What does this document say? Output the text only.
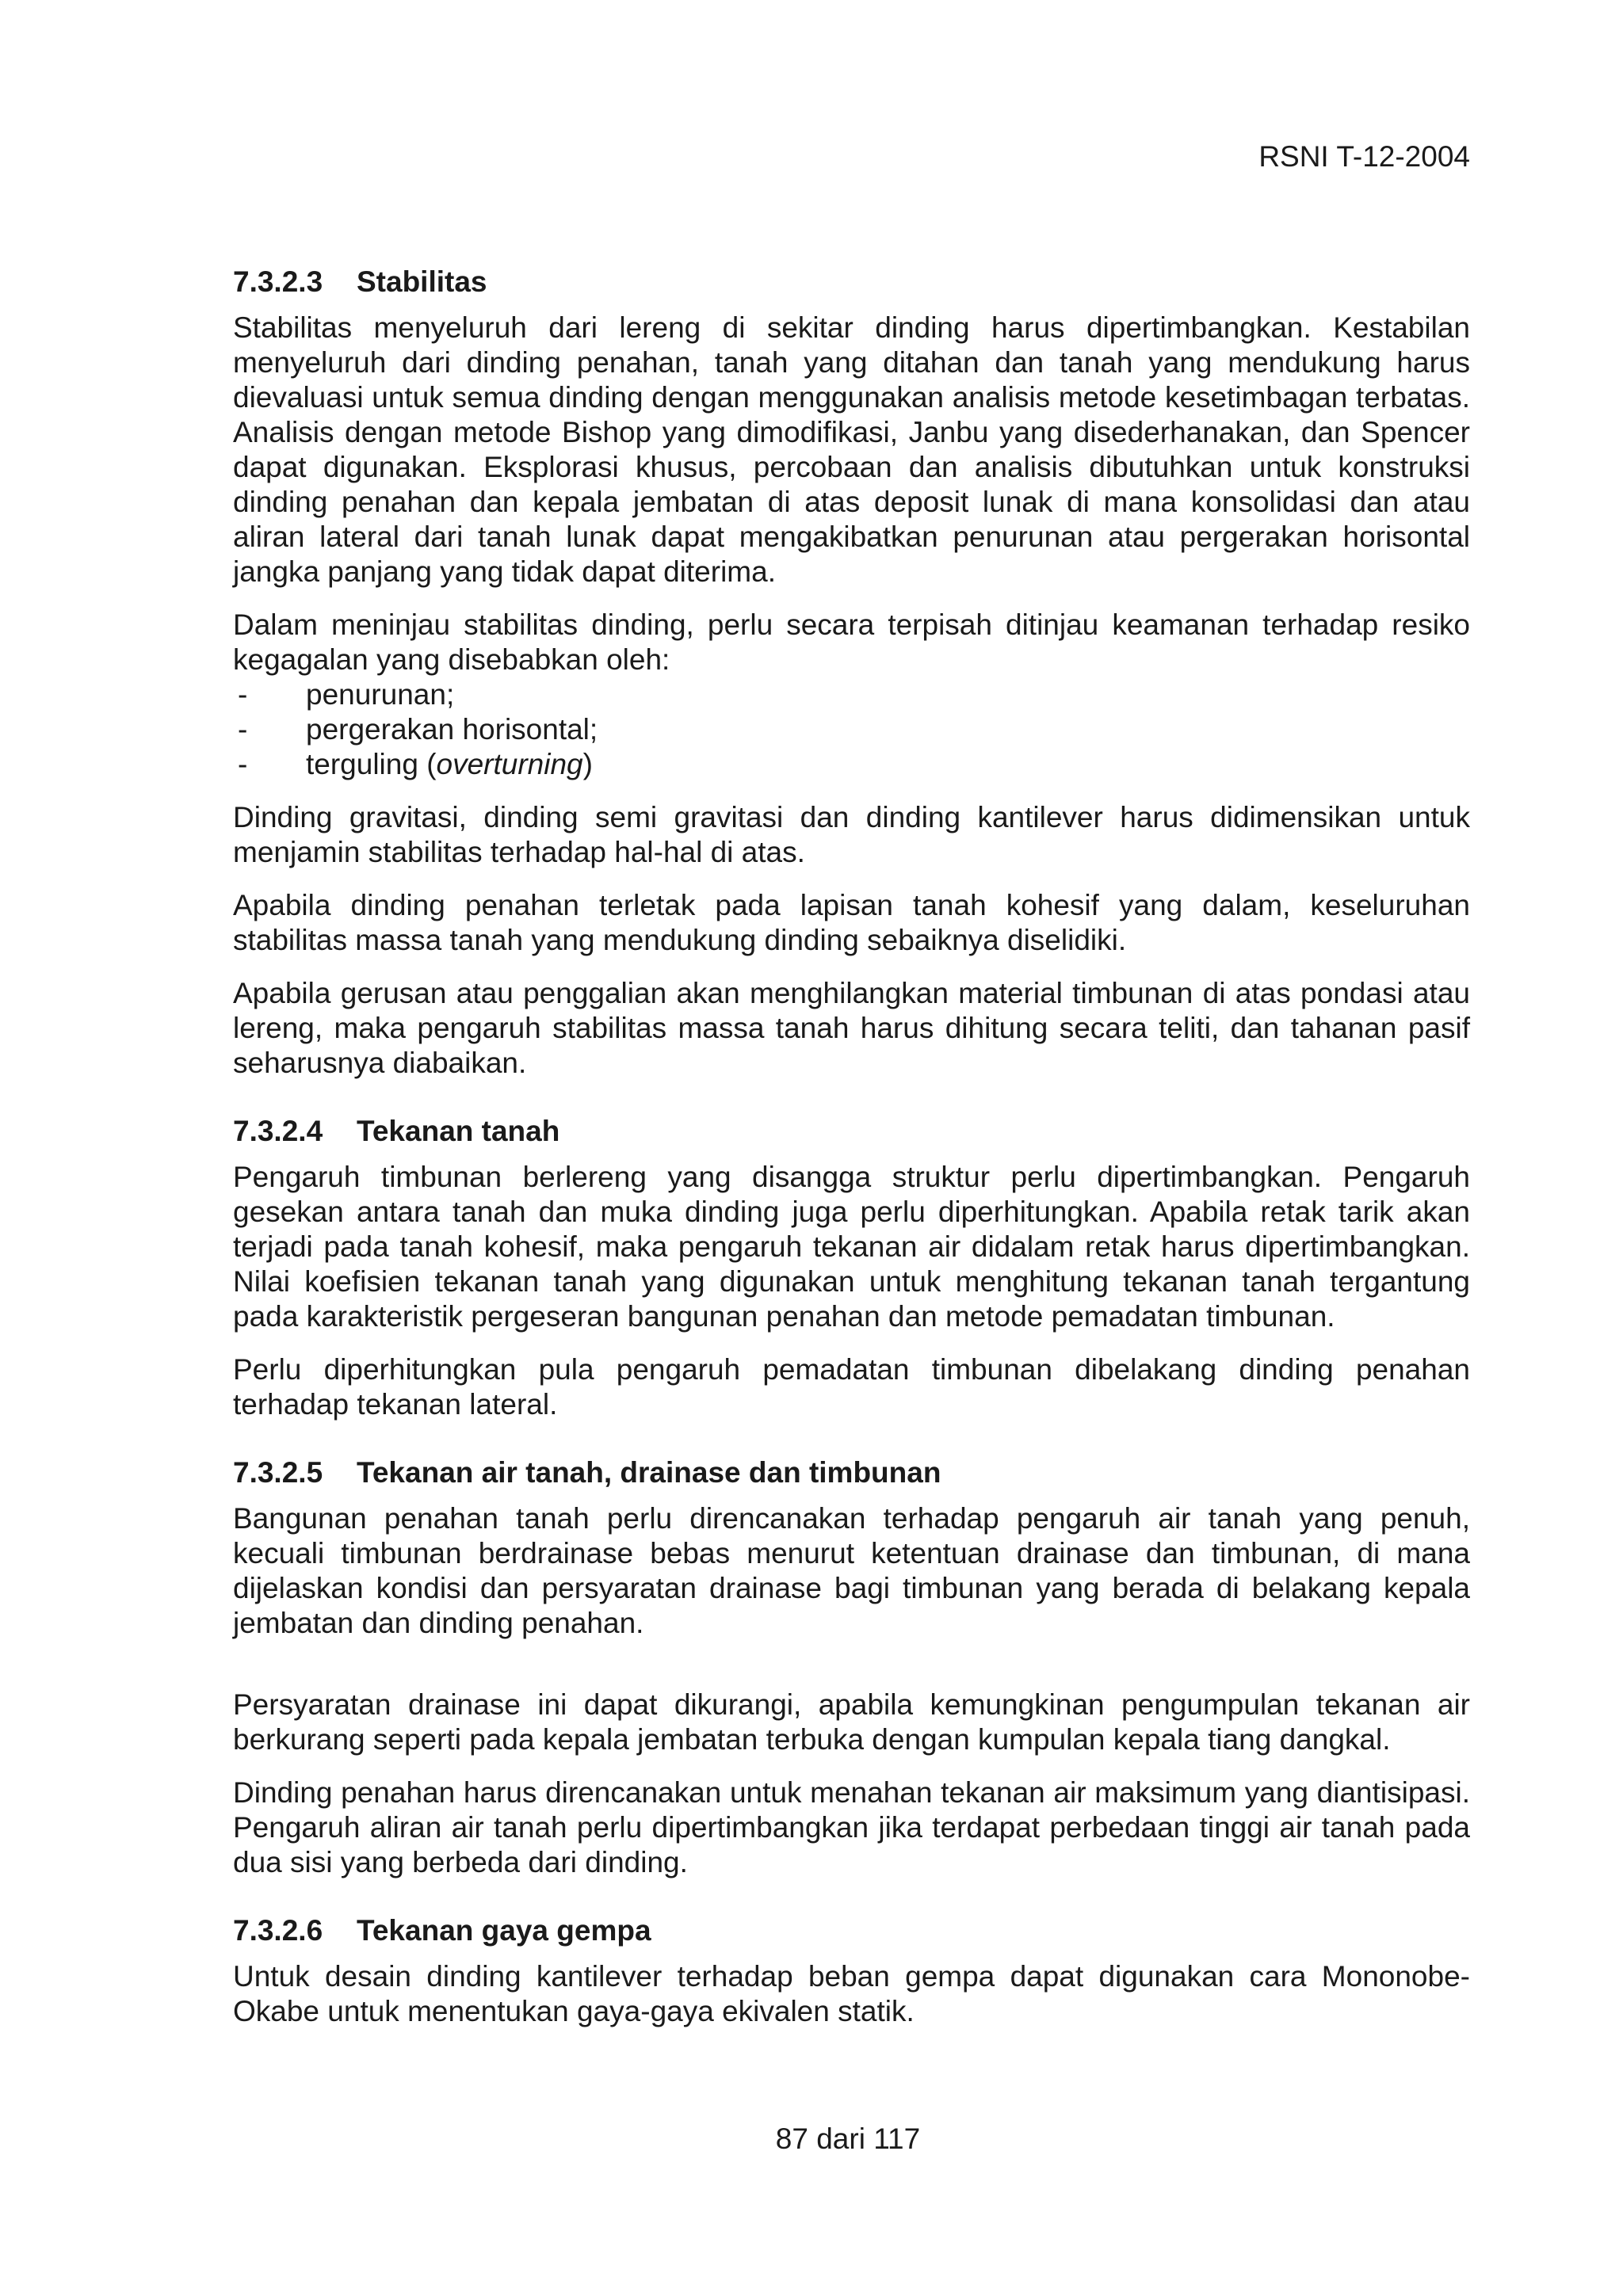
RSNI T-12-2004
7.3.2.3 Stabilitas

Stabilitas menyeluruh dari lereng di sekitar dinding harus dipertimbangkan. Kestabilan menyeluruh dari dinding penahan, tanah yang ditahan dan tanah yang mendukung harus dievaluasi untuk semua dinding dengan menggunakan analisis metode kesetimbagan terbatas. Analisis dengan metode Bishop yang dimodifikasi, Janbu yang disederhanakan, dan Spencer dapat digunakan. Eksplorasi khusus, percobaan dan analisis dibutuhkan untuk konstruksi dinding penahan dan kepala jembatan di atas deposit lunak di mana konsolidasi dan atau aliran lateral dari tanah lunak dapat mengakibatkan penurunan atau pergerakan horisontal jangka panjang yang tidak dapat diterima.

Dalam meninjau stabilitas dinding, perlu secara terpisah ditinjau keamanan terhadap resiko kegagalan yang disebabkan oleh:

- penurunan;
- pergerakan horisontal;
- terguling (overturning)

Dinding gravitasi, dinding semi gravitasi dan dinding kantilever harus didimensikan untuk menjamin stabilitas terhadap hal-hal di atas.

Apabila dinding penahan terletak pada lapisan tanah kohesif yang dalam, keseluruhan stabilitas massa tanah yang mendukung dinding sebaiknya diselidiki.

Apabila gerusan atau penggalian akan menghilangkan material timbunan di atas pondasi atau lereng, maka pengaruh stabilitas massa tanah harus dihitung secara teliti, dan tahanan pasif seharusnya diabaikan.

7.3.2.4 Tekanan tanah

Pengaruh timbunan berlereng yang disangga struktur perlu dipertimbangkan. Pengaruh gesekan antara tanah dan muka dinding juga perlu diperhitungkan. Apabila retak tarik akan terjadi pada tanah kohesif, maka pengaruh tekanan air didalam retak harus dipertimbangkan. Nilai koefisien tekanan tanah yang digunakan untuk menghitung tekanan tanah tergantung pada karakteristik pergeseran bangunan penahan dan metode pemadatan timbunan.

Perlu diperhitungkan pula pengaruh pemadatan timbunan dibelakang dinding penahan terhadap tekanan lateral.

7.3.2.5 Tekanan air tanah, drainase dan timbunan

Bangunan penahan tanah perlu direncanakan terhadap pengaruh air tanah yang penuh, kecuali timbunan berdrainase bebas menurut ketentuan drainase dan timbunan, di mana dijelaskan kondisi dan persyaratan drainase bagi timbunan yang berada di belakang kepala jembatan dan dinding penahan.

Persyaratan drainase ini dapat dikurangi, apabila kemungkinan pengumpulan tekanan air berkurang seperti pada kepala jembatan terbuka dengan kumpulan kepala tiang dangkal.

Dinding penahan harus direncanakan untuk menahan tekanan air maksimum yang diantisipasi. Pengaruh aliran air tanah perlu dipertimbangkan jika terdapat perbedaan tinggi air tanah pada dua sisi yang berbeda dari dinding.

7.3.2.6 Tekanan gaya gempa

Untuk desain dinding kantilever terhadap beban gempa dapat digunakan cara Mononobe-Okabe untuk menentukan gaya-gaya ekivalen statik.

87 dari 117
